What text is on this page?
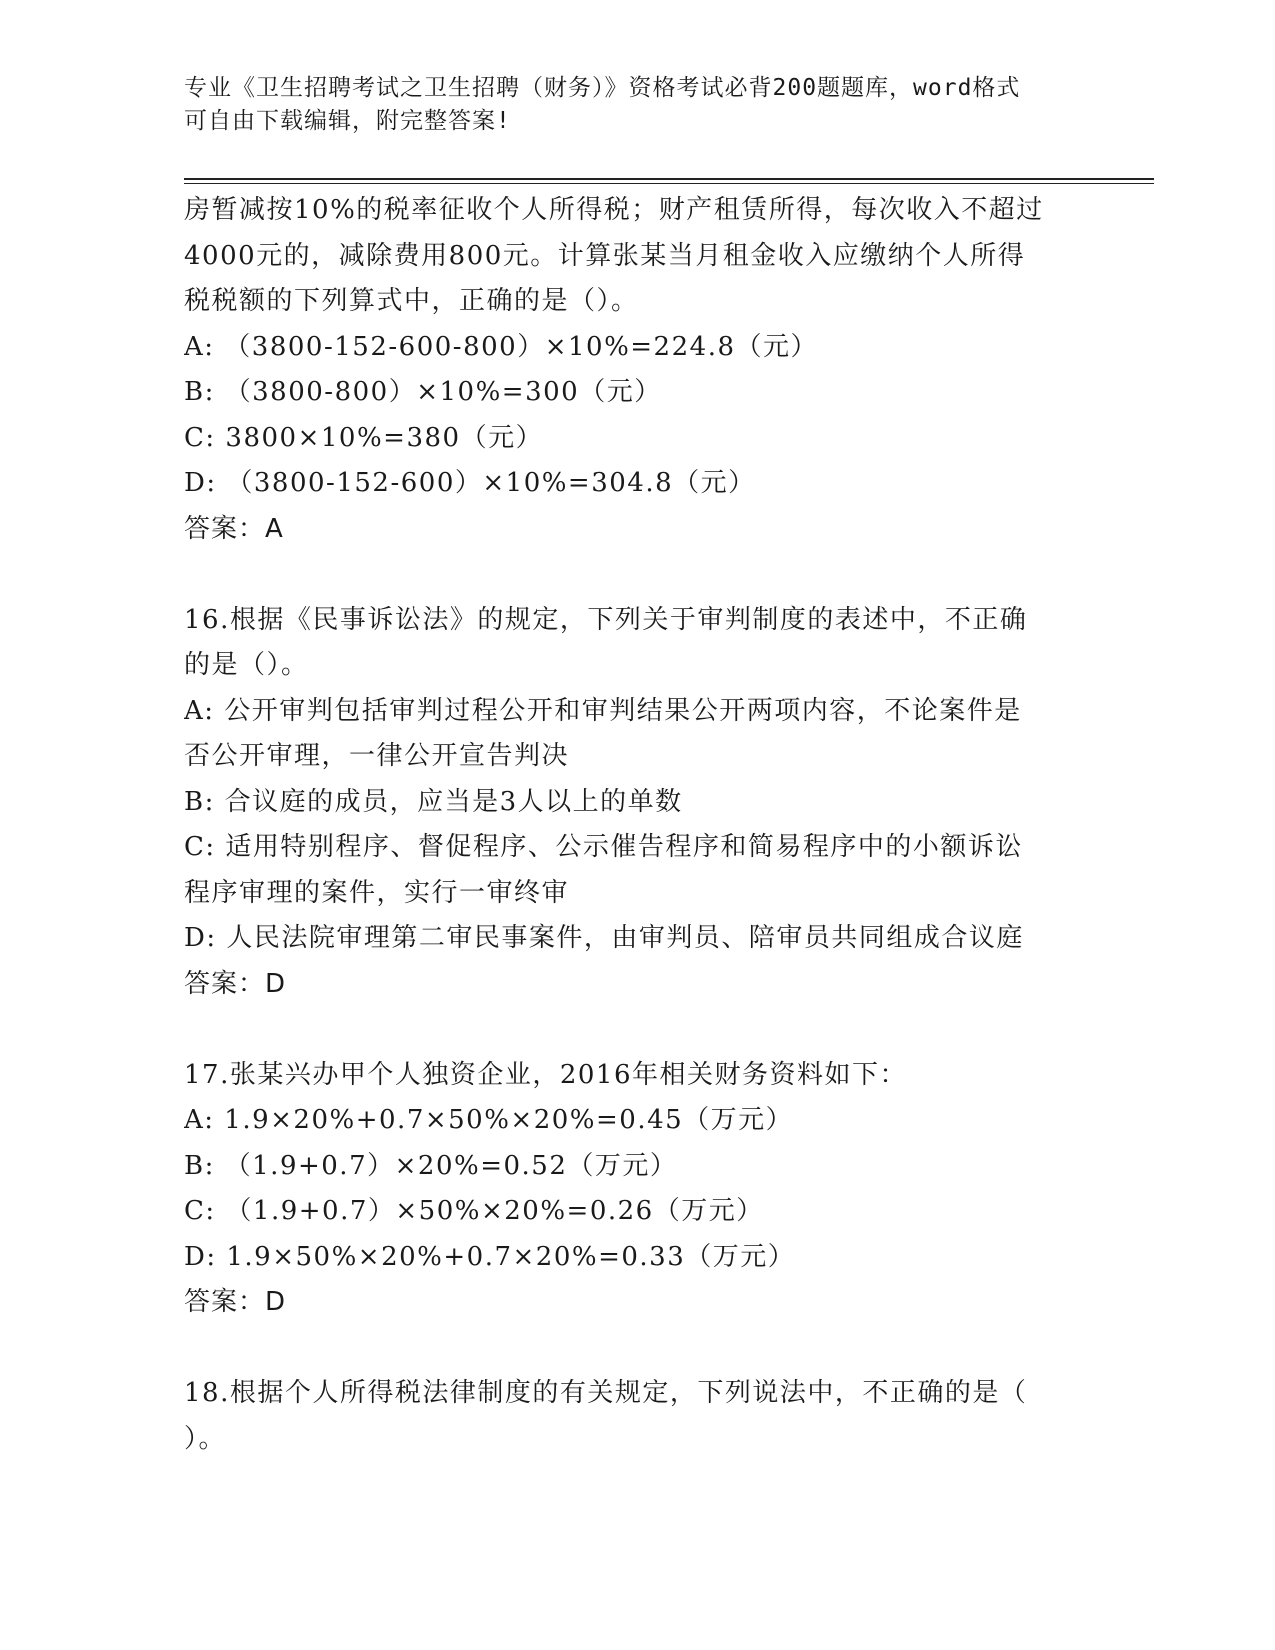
专业《卫生招聘考试之卫生招聘（财务）》资格考试必背200题题库，word格式
可自由下载编辑，附完整答案!
房暂减按10%的税率征收个人所得税；财产租赁所得，每次收入不超过
4000元的，减除费用800元。计算张某当月租金收入应缴纳个人所得
税税额的下列算式中，正确的是（）。
A: （3800-152-600-800）×10%=224.8（元）
B: （3800-800）×10%=300（元）
C: 3800×10%=380（元）
D: （3800-152-600）×10%=304.8（元）
答案：A
16.根据《民事诉讼法》的规定，下列关于审判制度的表述中，不正确
的是（）。
A: 公开审判包括审判过程公开和审判结果公开两项内容，不论案件是
否公开审理，一律公开宣告判决
B: 合议庭的成员，应当是3人以上的单数
C: 适用特别程序、督促程序、公示催告程序和简易程序中的小额诉讼
程序审理的案件，实行一审终审
D: 人民法院审理第二审民事案件，由审判员、陪审员共同组成合议庭
答案：D
17.张某兴办甲个人独资企业，2016年相关财务资料如下：
A: 1.9×20%+0.7×50%×20%=0.45（万元）
B: （1.9+0.7）×20%=0.52（万元）
C: （1.9+0.7）×50%×20%=0.26（万元）
D: 1.9×50%×20%+0.7×20%=0.33（万元）
答案：D
18.根据个人所得税法律制度的有关规定，下列说法中，不正确的是（
）。
